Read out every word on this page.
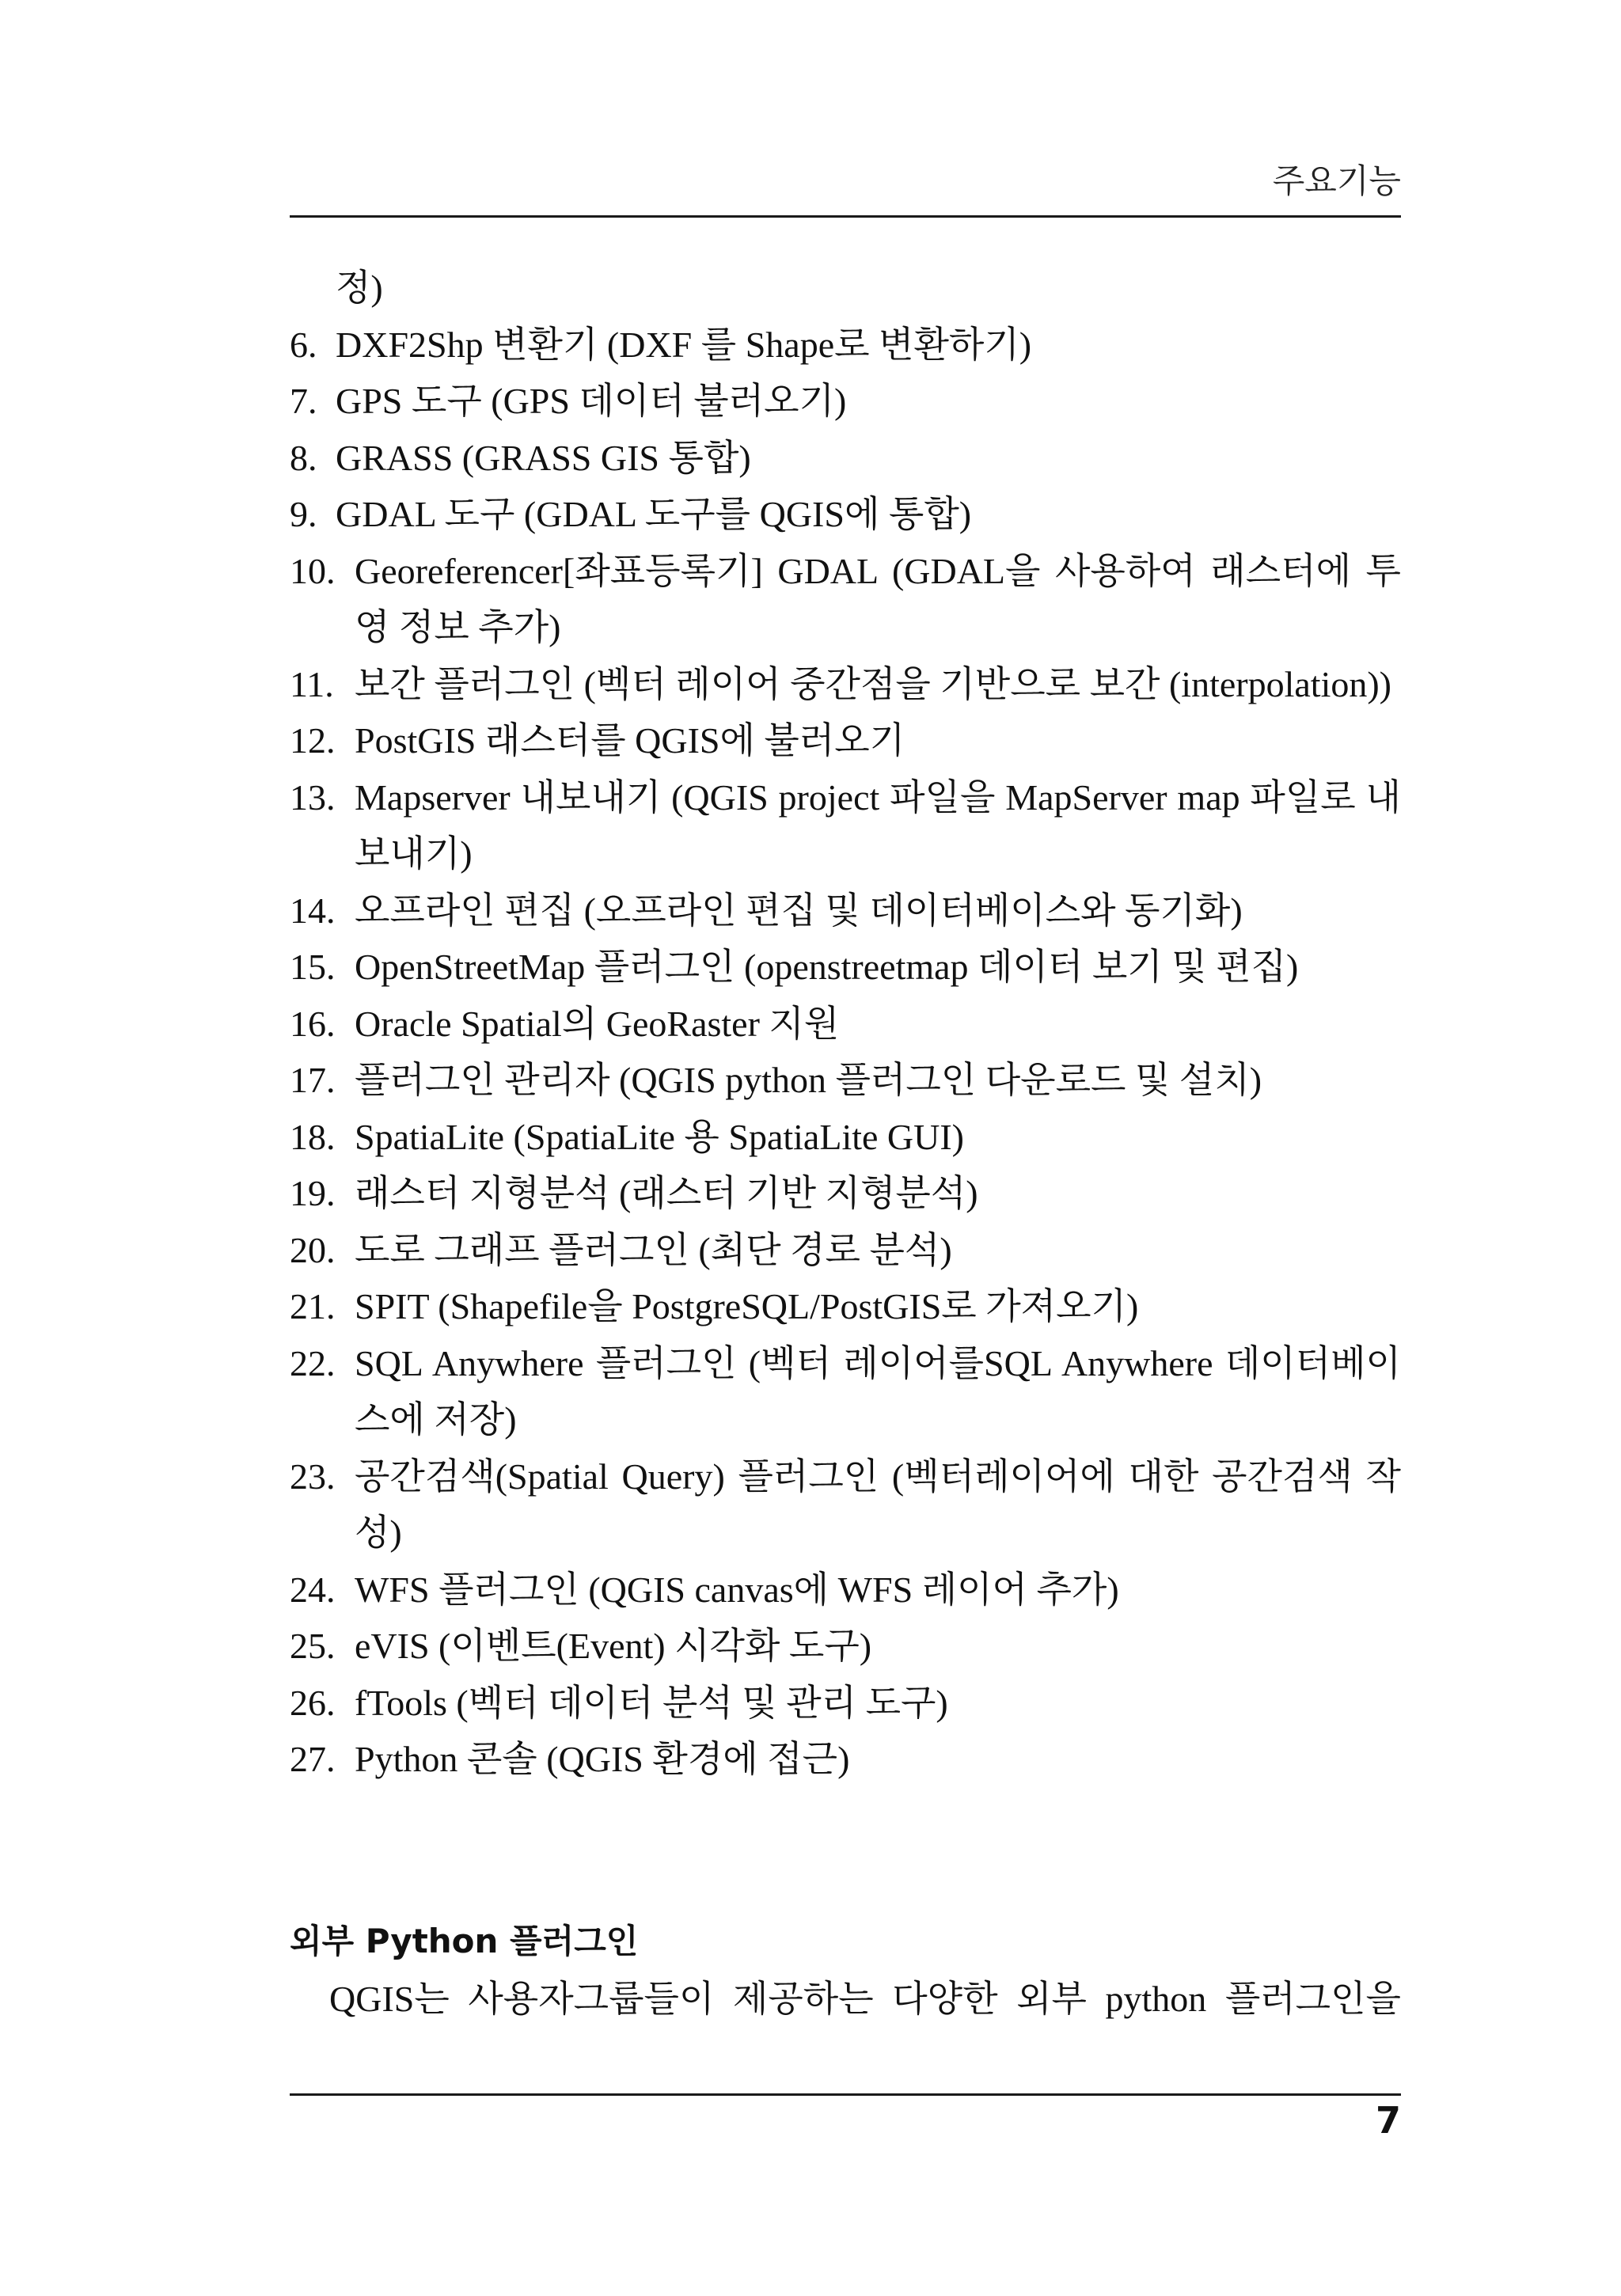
주요기능
정)
6. DXF2Shp 변환기 (DXF 를 Shape로 변환하기)
7. GPS 도구 (GPS 데이터 불러오기)
8. GRASS (GRASS GIS 통합)
9. GDAL 도구 (GDAL 도구를 QGIS에 통합)
10. Georeferencer[좌표등록기] GDAL (GDAL을 사용하여 래스터에 투영 정보 추가)
11. 보간 플러그인 (벡터 레이어 중간점을 기반으로 보간 (interpolation))
12. PostGIS 래스터를 QGIS에 불러오기
13. Mapserver 내보내기 (QGIS project 파일을 MapServer map 파일로 내보내기)
14. 오프라인 편집 (오프라인 편집 및 데이터베이스와 동기화)
15. OpenStreetMap 플러그인 (openstreetmap 데이터 보기 및 편집)
16. Oracle Spatial의 GeoRaster 지원
17. 플러그인 관리자 (QGIS python 플러그인 다운로드 및 설치)
18. SpatiaLite (SpatiaLite 용 SpatiaLite GUI)
19. 래스터 지형분석 (래스터 기반 지형분석)
20. 도로 그래프 플러그인 (최단 경로 분석)
21. SPIT (Shapefile을 PostgreSQL/PostGIS로 가져오기)
22. SQL Anywhere 플러그인 (벡터 레이어를SQL Anywhere 데이터베이스에 저장)
23. 공간검색(Spatial Query) 플러그인 (벡터레이어에 대한 공간검색 작성)
24. WFS 플러그인 (QGIS canvas에 WFS 레이어 추가)
25. eVIS (이벤트(Event) 시각화 도구)
26. fTools (벡터 데이터 분석 및 관리 도구)
27. Python 콘솔 (QGIS 환경에 접근)
외부 Python 플러그인
QGIS는 사용자그룹들이 제공하는 다양한 외부 python 플러그인을
7
